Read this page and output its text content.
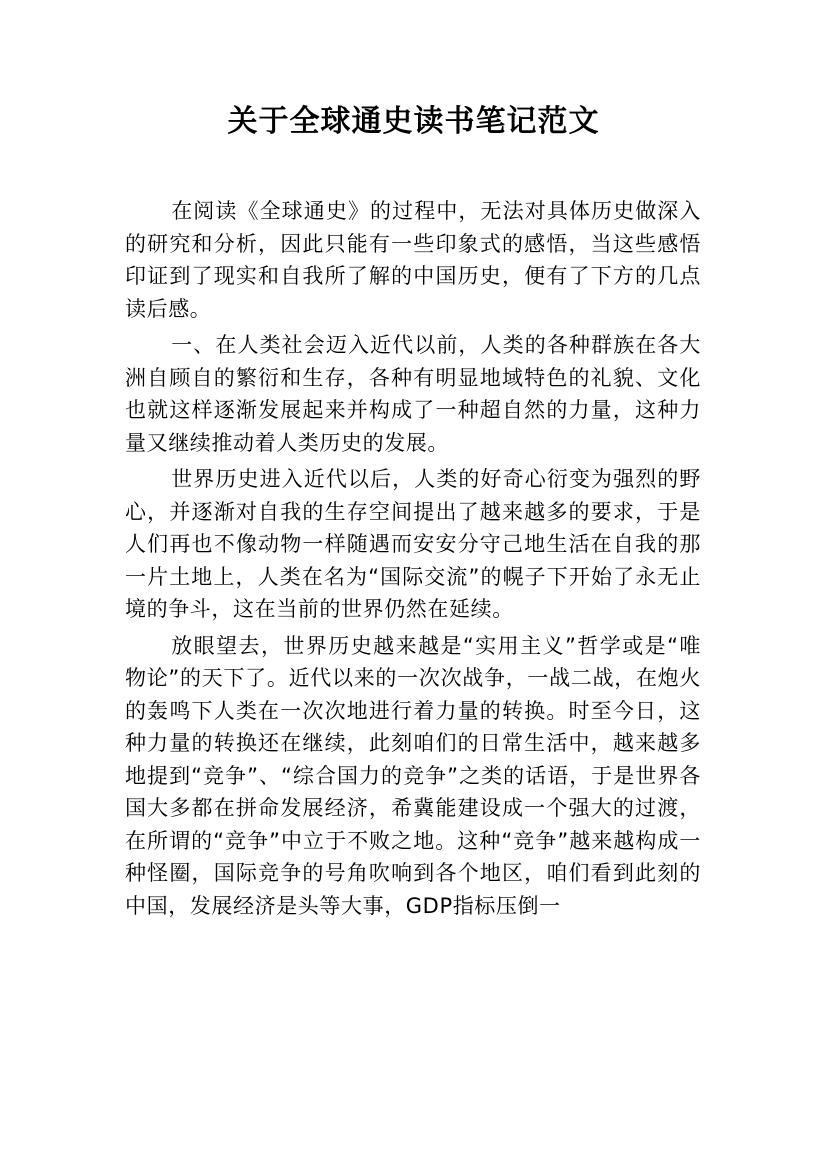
关于全球通史读书笔记范文

在阅读《全球通史》的过程中，无法对具体历史做深入的研究和分析，因此只能有一些印象式的感悟，当这些感悟印证到了现实和自我所了解的中国历史，便有了下方的几点读后感。

一、在人类社会迈入近代以前，人类的各种群族在各大洲自顾自的繁衍和生存，各种有明显地域特色的礼貌、文化也就这样逐渐发展起来并构成了一种超自然的力量，这种力量又继续推动着人类历史的发展。

世界历史进入近代以后，人类的好奇心衍变为强烈的野心，并逐渐对自我的生存空间提出了越来越多的要求，于是人们再也不像动物一样随遇而安安分守己地生活在自我的那一片土地上，人类在名为“国际交流”的幌子下开始了永无止境的争斗，这在当前的世界仍然在延续。

放眼望去，世界历史越来越是“实用主义”哲学或是“唯物论”的天下了。近代以来的一次次战争，一战二战，在炮火的轰鸣下人类在一次次地进行着力量的转换。时至今日，这种力量的转换还在继续，此刻咱们的日常生活中，越来越多地提到“竞争”、“综合国力的竞争”之类的话语，于是世界各国大多都在拼命发展经济，希冀能建设成一个强大的过渡，在所谓的“竞争”中立于不败之地。这种“竞争”越来越构成一种怪圈，国际竞争的号角吹响到各个地区，咱们看到此刻的中国，发展经济是头等大事，GDP指标压倒一
